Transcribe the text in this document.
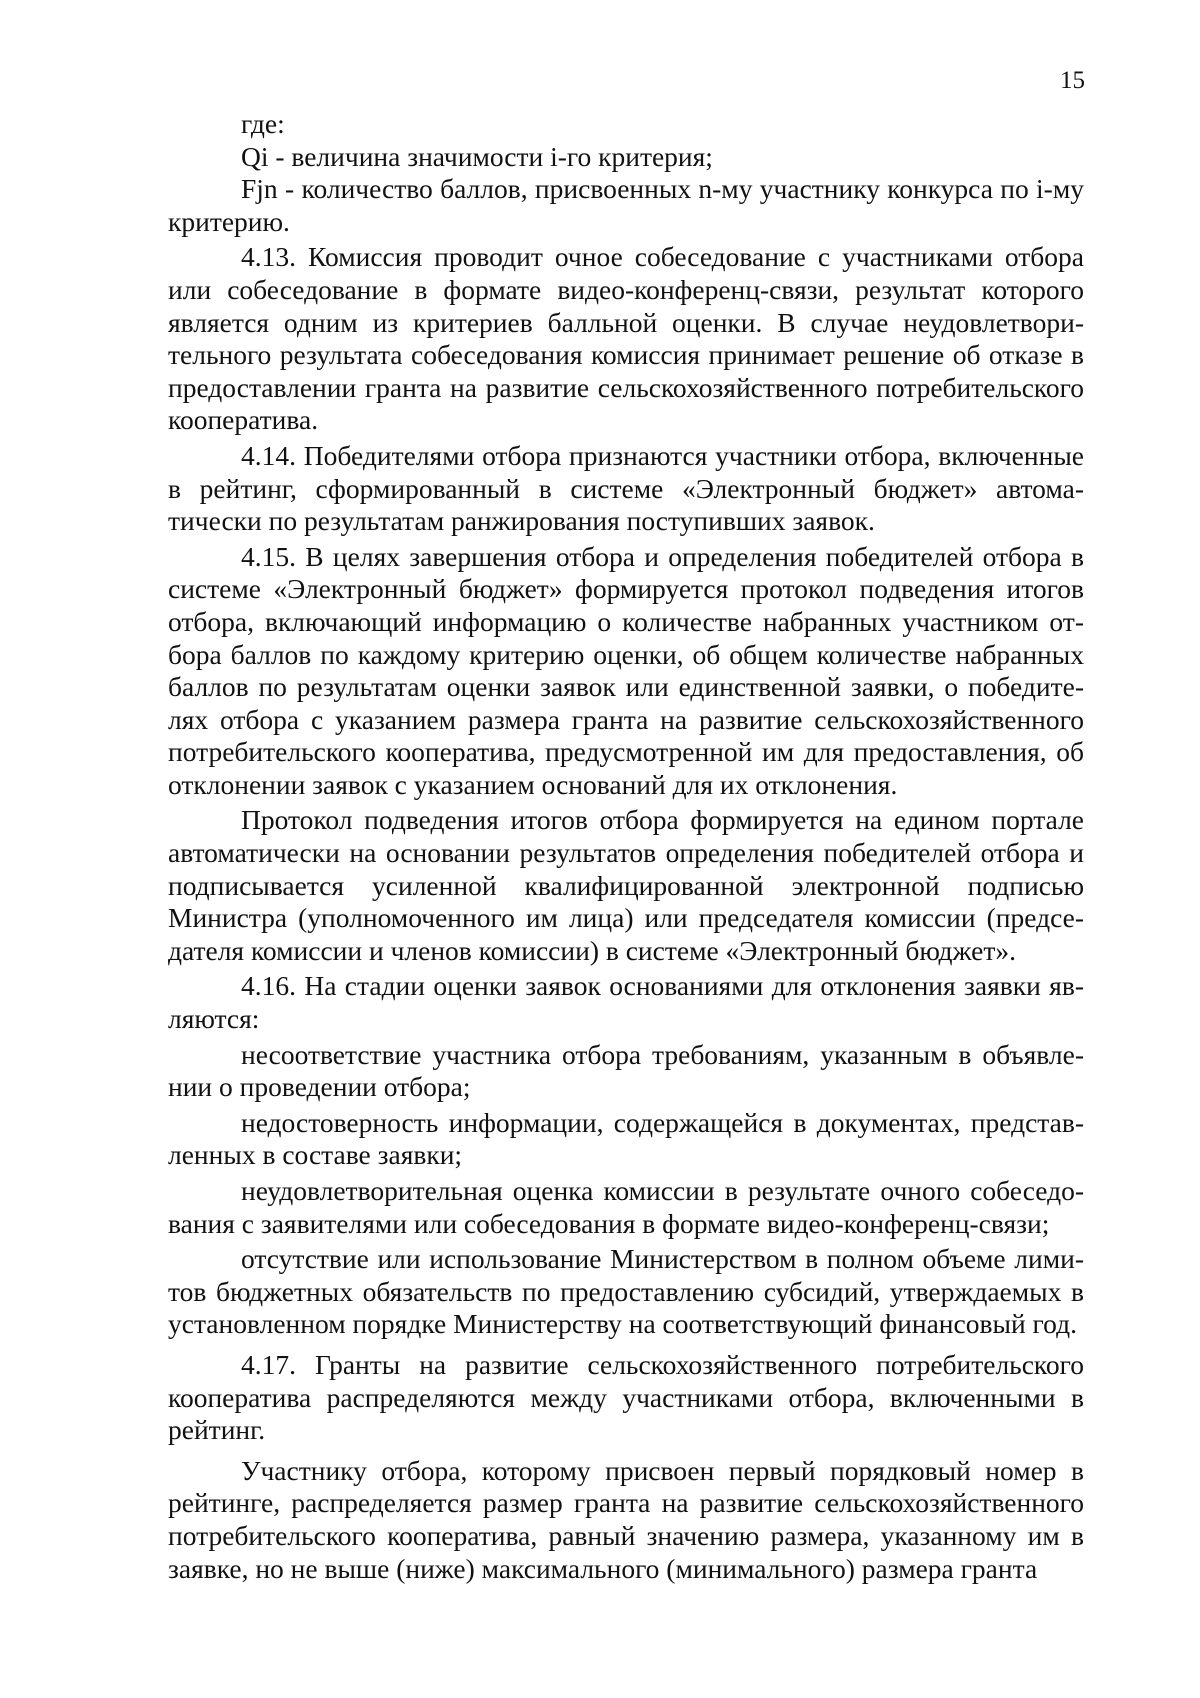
15

где:

Qi - величина значимости i-го критерия;

Fjn - количество баллов, присвоенных n-му участнику конкурса по i-му критерию.

4.13. Комиссия проводит очное собеседование с участниками отбора или собеседование в формате видео-конференц-связи, результат которого является одним из критериев балльной оценки. В случае неудовлетворительного результата собеседования комиссия принимает решение об отказе в предоставлении гранта на развитие сельскохозяйственного потребительского кооператива.

4.14. Победителями отбора признаются участники отбора, включенные в рейтинг, сформированный в системе «Электронный бюджет» автоматически по результатам ранжирования поступивших заявок.

4.15. В целях завершения отбора и определения победителей отбора в системе «Электронный бюджет» формируется протокол подведения итогов отбора, включающий информацию о количестве набранных участником отбора баллов по каждому критерию оценки, об общем количестве набранных баллов по результатам оценки заявок или единственной заявки, о победителях отбора с указанием размера гранта на развитие сельскохозяйственного потребительского кооператива, предусмотренной им для предоставления, об отклонении заявок с указанием оснований для их отклонения.

Протокол подведения итогов отбора формируется на едином портале автоматически на основании результатов определения победителей отбора и подписывается усиленной квалифицированной электронной подписью Министра (уполномоченного им лица) или председателя комиссии (председателя комиссии и членов комиссии) в системе «Электронный бюджет».

4.16. На стадии оценки заявок основаниями для отклонения заявки являются:

несоответствие участника отбора требованиям, указанным в объявлении о проведении отбора;

недостоверность информации, содержащейся в документах, представленных в составе заявки;

неудовлетворительная оценка комиссии в результате очного собеседования с заявителями или собеседования в формате видео-конференц-связи;

отсутствие или использование Министерством в полном объеме лимитов бюджетных обязательств по предоставлению субсидий, утверждаемых в установленном порядке Министерству на соответствующий финансовый год.

4.17. Гранты на развитие сельскохозяйственного потребительского кооператива распределяются между участниками отбора, включенными в рейтинг.

Участнику отбора, которому присвоен первый порядковый номер в рейтинге, распределяется размер гранта на развитие сельскохозяйственного потребительского кооператива, равный значению размера, указанному им в заявке, но не выше (ниже) максимального (минимального) размера гранта
